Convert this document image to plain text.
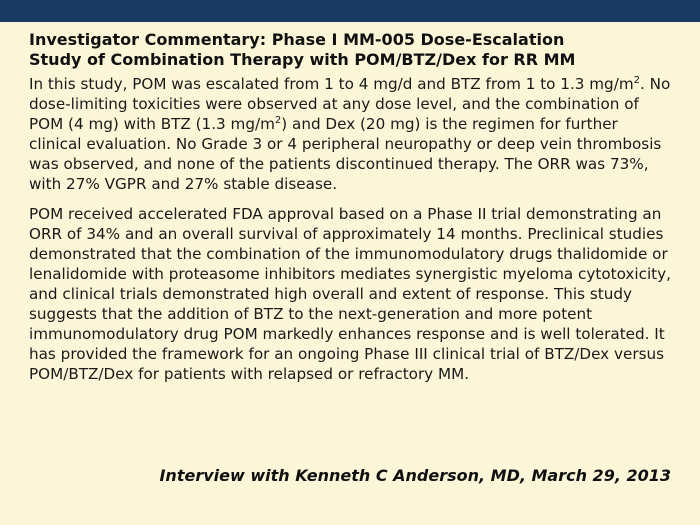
Investigator Commentary: Phase I MM-005 Dose-Escalation
Study of Combination Therapy with POM/BTZ/Dex for RR MM

In this study, POM was escalated from 1 to 4 mg/d and BTZ from 1 to 1.3 $mg/m^2$. No dose-limiting toxicities were observed at any dose level, and the combination of POM (4 mg) with BTZ (1.3 $mg/m^2$) and Dex (20 mg) is the regimen for further clinical evaluation. No Grade 3 or 4 peripheral neuropathy or deep vein thrombosis was observed, and none of the patients discontinued therapy. The ORR was 73%, with 27% VGPR and 27% stable disease.

POM received accelerated FDA approval based on a Phase II trial demonstrating an ORR of 34% and an overall survival of approximately 14 months. Preclinical studies demonstrated that the combination of the immunomodulatory drugs thalidomide or lenalidomide with proteasome inhibitors mediates synergistic myeloma cytotoxicity, and clinical trials demonstrated high overall and extent of response. This study suggests that the addition of BTZ to the next-generation and more potent immunomodulatory drug POM markedly enhances response and is well tolerated. It has provided the framework for an ongoing Phase III clinical trial of BTZ/Dex versus POM/BTZ/Dex for patients with relapsed or refractory MM.

Interview with Kenneth C Anderson, MD, March 29, 2013
